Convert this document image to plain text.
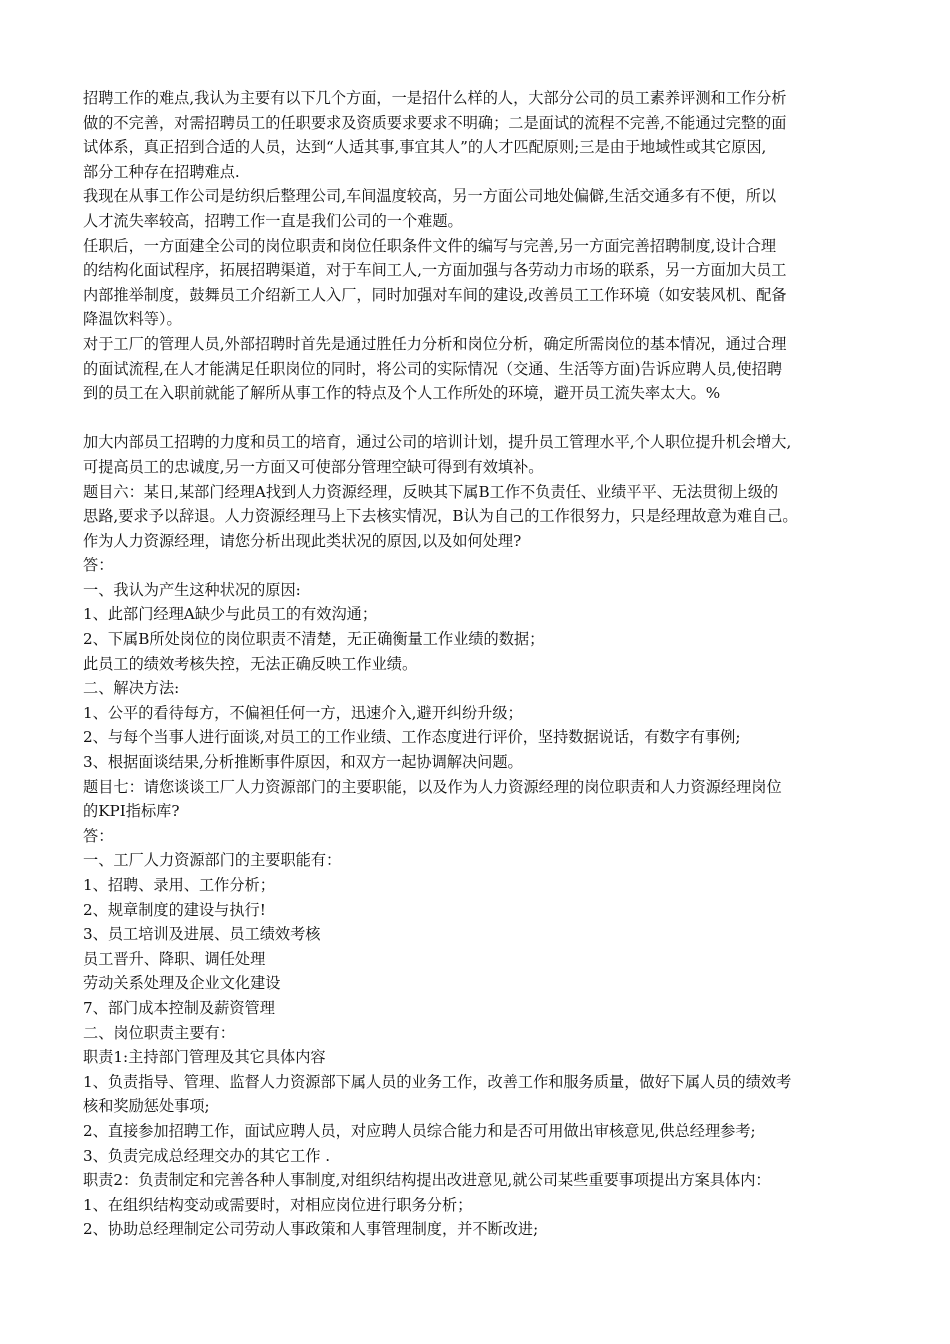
招聘工作的难点,我认为主要有以下几个方面，一是招什么样的人，大部分公司的员工素养评测和工作分析
做的不完善，对需招聘员工的任职要求及资质要求要求不明确；二是面试的流程不完善,不能通过完整的面
试体系，真正招到合适的人员，达到“人适其事,事宜其人”的人才匹配原则;三是由于地域性或其它原因,
部分工种存在招聘难点.
我现在从事工作公司是纺织后整理公司,车间温度较高，另一方面公司地处偏僻,生活交通多有不便，所以
人才流失率较高，招聘工作一直是我们公司的一个难题。
任职后，一方面建全公司的岗位职责和岗位任职条件文件的编写与完善,另一方面完善招聘制度,设计合理
的结构化面试程序，拓展招聘渠道，对于车间工人,一方面加强与各劳动力市场的联系，另一方面加大员工
内部推举制度，鼓舞员工介绍新工人入厂，同时加强对车间的建设,改善员工工作环境（如安装风机、配备
降温饮料等）。
对于工厂的管理人员,外部招聘时首先是通过胜任力分析和岗位分析，确定所需岗位的基本情况，通过合理
的面试流程,在人才能满足任职岗位的同时，将公司的实际情况（交通、生活等方面)告诉应聘人员,使招聘
到的员工在入职前就能了解所从事工作的特点及个人工作所处的环境，避开员工流失率太大。%
加大内部员工招聘的力度和员工的培育，通过公司的培训计划，提升员工管理水平,个人职位提升机会增大,
可提高员工的忠诚度,另一方面又可使部分管理空缺可得到有效填补。
题目六：某日,某部门经理A找到人力资源经理，反映其下属B工作不负责任、业绩平平、无法贯彻上级的
思路,要求予以辞退。人力资源经理马上下去核实情况，B认为自己的工作很努力，只是经理故意为难自己。
作为人力资源经理，请您分析出现此类状况的原因,以及如何处理?
答：
一、我认为产生这种状况的原因:
1、此部门经理A缺少与此员工的有效沟通；
2、下属B所处岗位的岗位职责不清楚，无正确衡量工作业绩的数据；
此员工的绩效考核失控，无法正确反映工作业绩。
二、解决方法:
1、公平的看待每方，不偏袒任何一方，迅速介入,避开纠纷升级；
2、与每个当事人进行面谈,对员工的工作业绩、工作态度进行评价，坚持数据说话，有数字有事例;
3、根据面谈结果,分析推断事件原因，和双方一起协调解决问题。
题目七：请您谈谈工厂人力资源部门的主要职能，以及作为人力资源经理的岗位职责和人力资源经理岗位
的KPI指标库?
答：
一、工厂人力资源部门的主要职能有：
1、招聘、录用、工作分析；
2、规章制度的建设与执行!
3、员工培训及进展、员工绩效考核
员工晋升、降职、调任处理
劳动关系处理及企业文化建设
7、部门成本控制及薪资管理
二、岗位职责主要有：
职责1:主持部门管理及其它具体内容
1、负责指导、管理、监督人力资源部下属人员的业务工作，改善工作和服务质量，做好下属人员的绩效考
核和奖励惩处事项;
2、直接参加招聘工作，面试应聘人员，对应聘人员综合能力和是否可用做出审核意见,供总经理参考;
3、负责完成总经理交办的其它工作 .
职责2：负责制定和完善各种人事制度,对组织结构提出改进意见,就公司某些重要事项提出方案具体内：
1、在组织结构变动或需要时，对相应岗位进行职务分析；
2、协助总经理制定公司劳动人事政策和人事管理制度，并不断改进;
